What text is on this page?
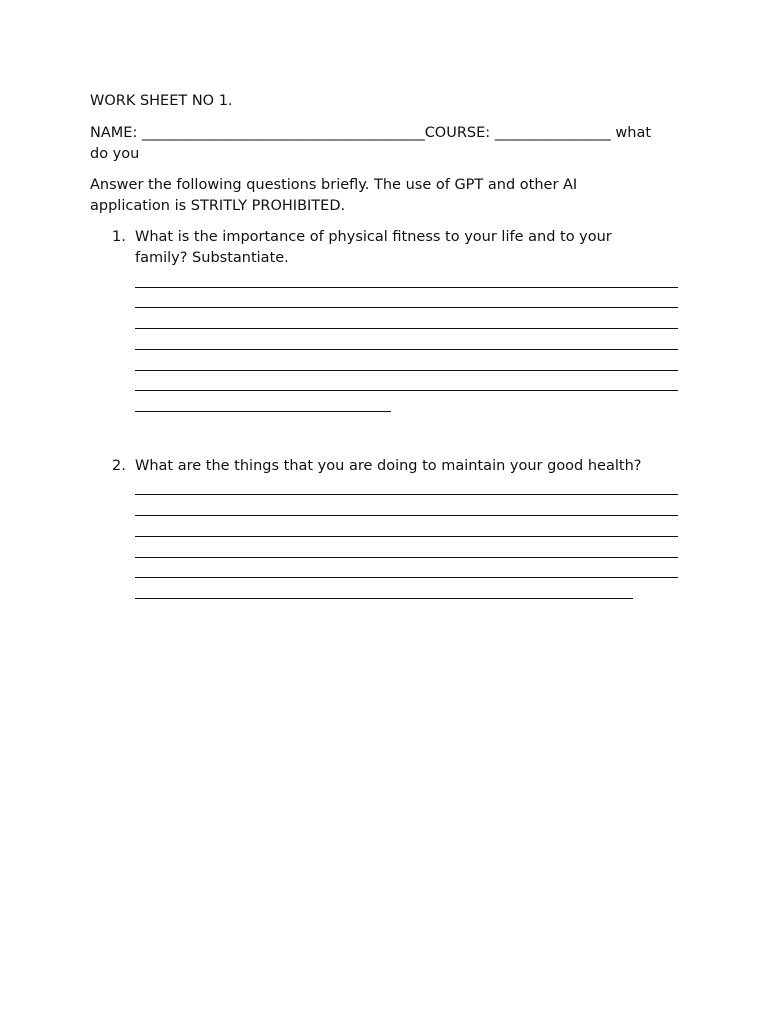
WORK SHEET NO 1.
NAME: _______________________________________COURSE: ________________ what
do you
Answer the following questions briefly. The use of GPT and other AI
application is STRITLY PROHIBITED.
1. What is the importance of physical fitness to your life and to your
family? Substantiate.
2. What are the things that you are doing to maintain your good health?
